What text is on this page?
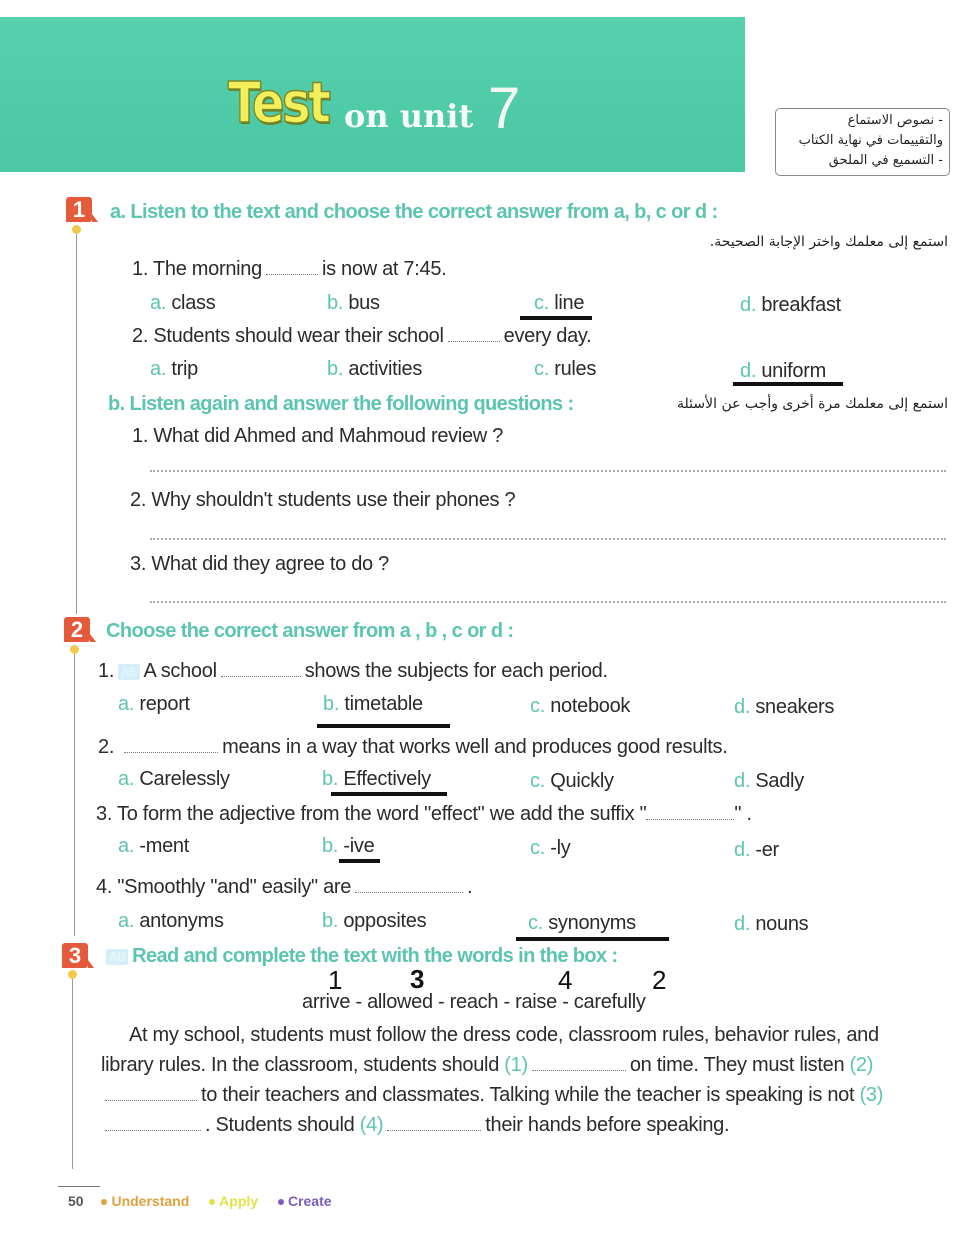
Test on unit 7	- نصوص الاستماع
والتقييمات في نهاية الكتاب
- التسميع في الملحق
1	a. Listen to the text and choose the correct answer from a, b, c or d :
استمع إلى معلمك واختر الإجابة الصحيحة.
1. The morning	is now at 7:45.
a. class	b. bus	c. line	d. breakfast
2. Students should wear their school	every day.
a. trip	b. activities	c. rules	d. uniform
b. Listen again and answer the following questions :	استمع إلى معلمك مرة أخرى وأجب عن الأسئلة
1. What did Ahmed and Mahmoud review ?
2. Why shouldn't students use their phones ?
3. What did they agree to do ?
2	Choose the correct answer from a , b , c or d :
1. AB A school	shows the subjects for each period.
a. report	b. timetable	c. notebook	d. sneakers
2.	means in a way that works well and produces good results.
a. Carelessly	b. Effectively	c. Quickly	d. Sadly
3. To form the adjective from the word "effect" we add the suffix "	" .
a. -ment	b. -ive	c. -ly	d. -er
4. "Smoothly "and" easily" are	.
a. antonyms	b. opposites	c. synonyms	d. nouns
3	AB Read and complete the text with the words in the box :
1	3	4	2
arrive - allowed - reach - raise - carefully
At my school, students must follow the dress code, classroom rules, behavior rules, and library rules. In the classroom, students should (1)	on time. They must listen (2)to their teachers and classmates. Talking while the teacher is speaking is not (3). Students should (4)	their hands before speaking.
50 Understand Apply Create
